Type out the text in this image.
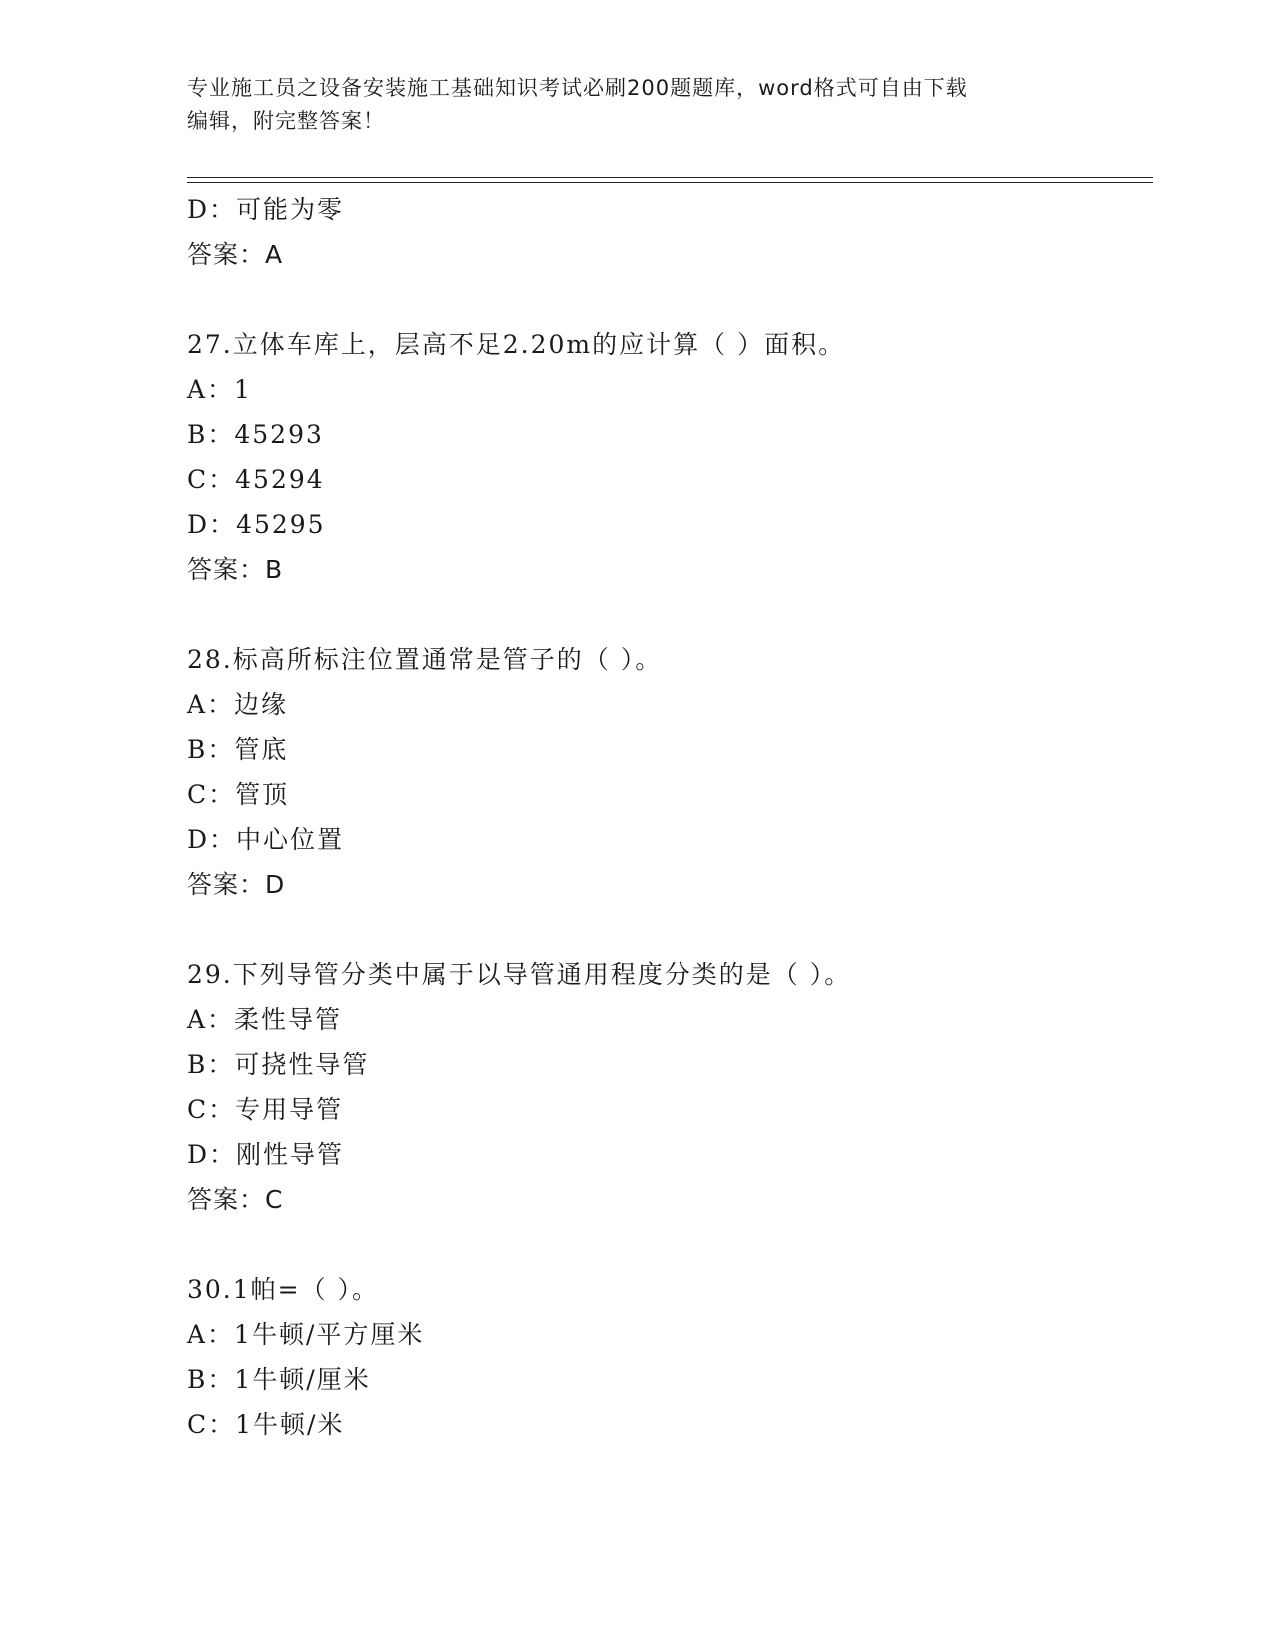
专业施工员之设备安装施工基础知识考试必刷200题题库，word格式可自由下载
编辑，附完整答案！
D：可能为零
答案：A
27.立体车库上，层高不足2.20m的应计算（ ）面积。
A：1
B：45293
C：45294
D：45295
答案：B
28.标高所标注位置通常是管子的（ ）。
A：边缘
B：管底
C：管顶
D：中心位置
答案：D
29.下列导管分类中属于以导管通用程度分类的是（ ）。
A：柔性导管
B：可挠性导管
C：专用导管
D：刚性导管
答案：C
30.1帕=（ ）。
A：1牛顿/平方厘米
B：1牛顿/厘米
C：1牛顿/米
